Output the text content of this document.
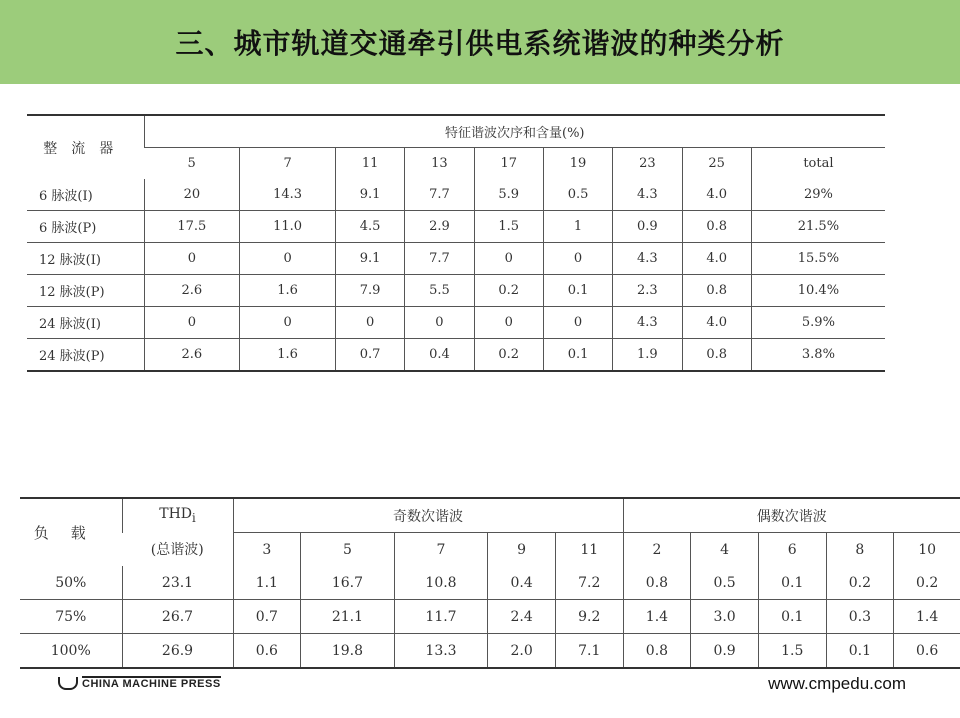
三、城市轨道交通牵引供电系统谐波的种类分析
整流器	特征谐波次序和含量(%)								
	5	7	11	13	17	19	23	25	total
6 脉波(I)	20	14.3	9.1	7.7	5.9	0.5	4.3	4.0	29%
6 脉波(P)	17.5	11.0	4.5	2.9	1.5	1	0.9	0.8	21.5%
12 脉波(I)	0	0	9.1	7.7	0	0	4.3	4.0	15.5%
12 脉波(P)	2.6	1.6	7.9	5.5	0.2	0.1	2.3	0.8	10.4%
24 脉波(I)	0	0	0	0	0	0	4.3	4.0	5.9%
24 脉波(P)	2.6	1.6	0.7	0.4	0.2	0.1	1.9	0.8	3.8%
负载	$THD_i$	奇数次谐波					偶数次谐波				
	(总谐波)	3	5	7	9	11	2	4	6	8	10
50%	23.1	1.1	16.7	10.8	0.4	7.2	0.8	0.5	0.1	0.2	0.2
75%	26.7	0.7	21.1	11.7	2.4	9.2	1.4	3.0	0.1	0.3	1.4
100%	26.9	0.6	19.8	13.3	2.0	7.1	0.8	0.9	1.5	0.1	0.6
CHINA MACHINE PRESS	www.cmpedu.com
